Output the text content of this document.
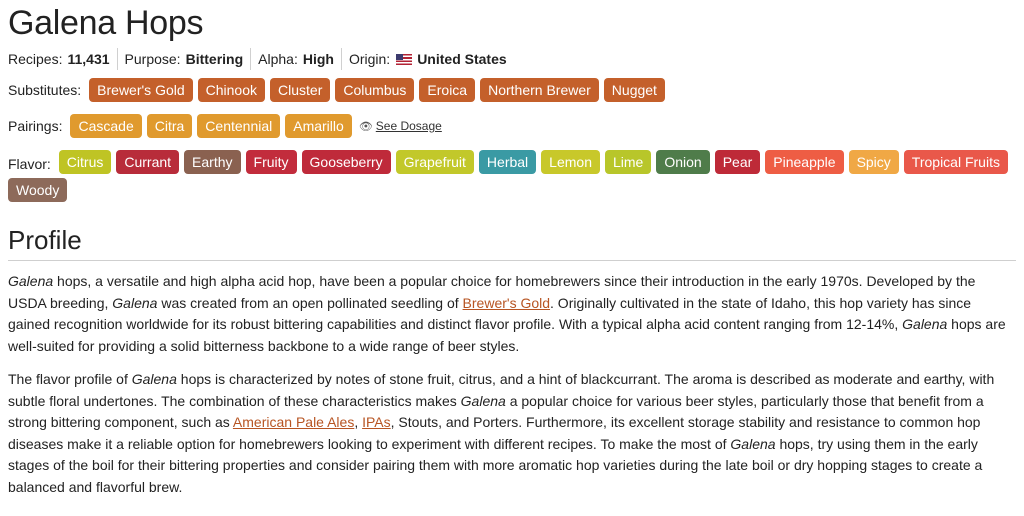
Galena Hops
Recipes: 11,431 Purpose: Bittering Alpha: High Origin: United States
Substitutes:	Brewer's Gold	Chinook	Cluster	Columbus	Eroica	Northern Brewer	Nugget
Pairings:	Cascade	Citra	Centennial	Amarillo	👁 See Dosage
Flavor:	Citrus	Currant	Earthy	Fruity	Gooseberry	Grapefruit	Herbal	Lemon	Lime	Onion	Pear	Pineapple	Spicy	Tropical Fruits
Woody
Profile

Galena hops, a versatile and high alpha acid hop, have been a popular choice for homebrewers since their introduction in the early 1970s. Developed by the USDA breeding, Galena was created from an open pollinated seedling of Brewer's Gold. Originally cultivated in the state of Idaho, this hop variety has since gained recognition worldwide for its robust bittering capabilities and distinct flavor profile. With a typical alpha acid content ranging from 12-14%, Galena hops are well-suited for providing a solid bitterness backbone to a wide range of beer styles.

The flavor profile of Galena hops is characterized by notes of stone fruit, citrus, and a hint of blackcurrant. The aroma is described as moderate and earthy, with subtle floral undertones. The combination of these characteristics makes Galena a popular choice for various beer styles, particularly those that benefit from a strong bittering component, such as American Pale Ales, IPAs, Stouts, and Porters. Furthermore, its excellent storage stability and resistance to common hop diseases make it a reliable option for homebrewers looking to experiment with different recipes. To make the most of Galena hops, try using them in the early stages of the boil for their bittering properties and consider pairing them with more aromatic hop varieties during the late boil or dry hopping stages to create a balanced and flavorful brew.
